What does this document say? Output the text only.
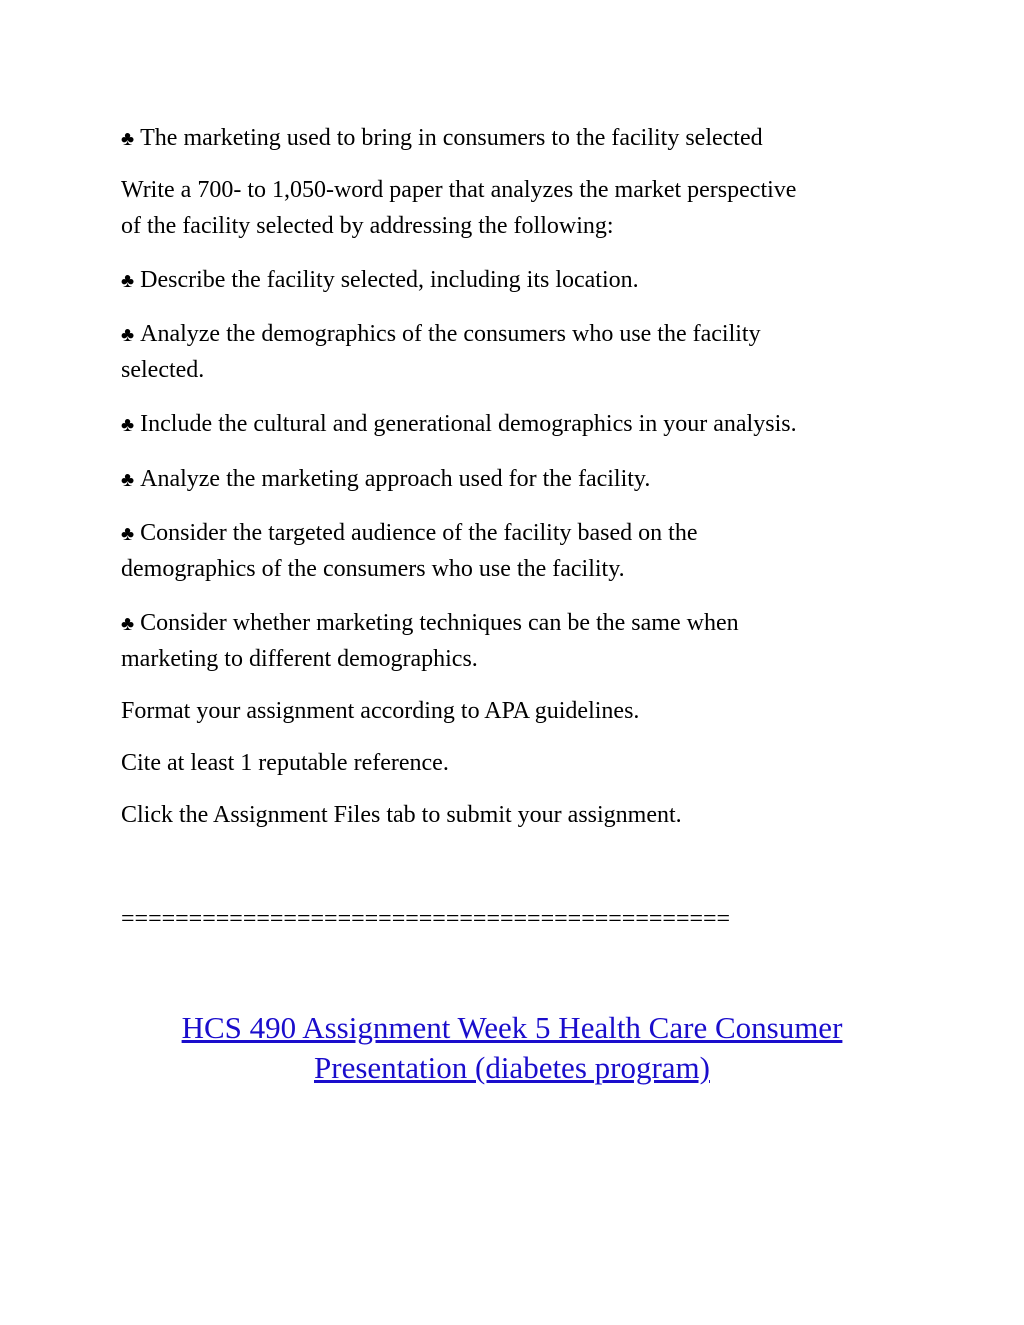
♣ The marketing used to bring in consumers to the facility selected
Write a 700- to 1,050-word paper that analyzes the market perspective
of the facility selected by addressing the following:
♣ Describe the facility selected, including its location.
♣ Analyze the demographics of the consumers who use the facility
selected.
♣ Include the cultural and generational demographics in your analysis.
♣ Analyze the marketing approach used for the facility.
♣ Consider the targeted audience of the facility based on the
demographics of the consumers who use the facility.
♣ Consider whether marketing techniques can be the same when
marketing to different demographics.
Format your assignment according to APA guidelines.
Cite at least 1 reputable reference.
Click the Assignment Files tab to submit your assignment.
=============================================
HCS 490 Assignment Week 5 Health Care Consumer
Presentation (diabetes program)
